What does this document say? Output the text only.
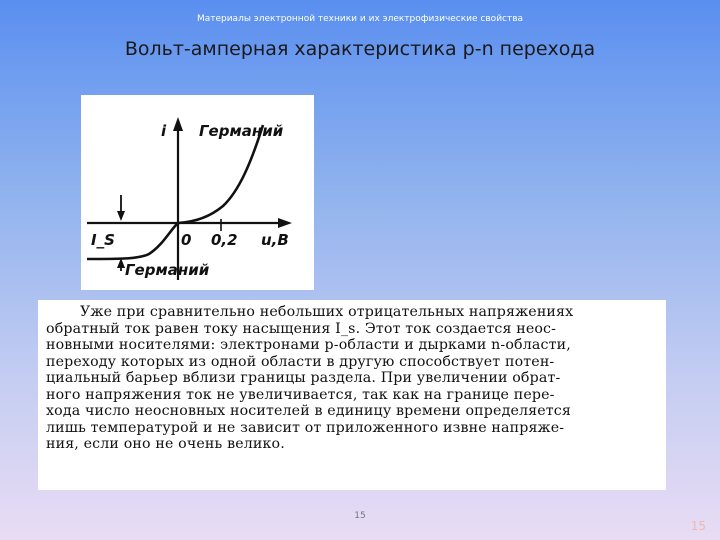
Материалы электронной техники и их электрофизические свойства
Вольт-амперная характеристика p-n перехода
i Германий
I_S	0 0,2 u,B
Германий
Уже при сравнительно небольших отрицательных напряжениях
обратный ток равен току насыщения I_s. Этот ток создается неос-
новными носителями: электронами p-области и дырками n-области,
переходу которых из одной области в другую способствует потен-
циальный барьер вблизи границы раздела. При увеличении обрат-
ного напряжения ток не увеличивается, так как на границе пере-
хода число неосновных носителей в единицу времени определяется
лишь температурой и не зависит от приложенного извне напряже-
ния, если оно не очень велико.
15
15
